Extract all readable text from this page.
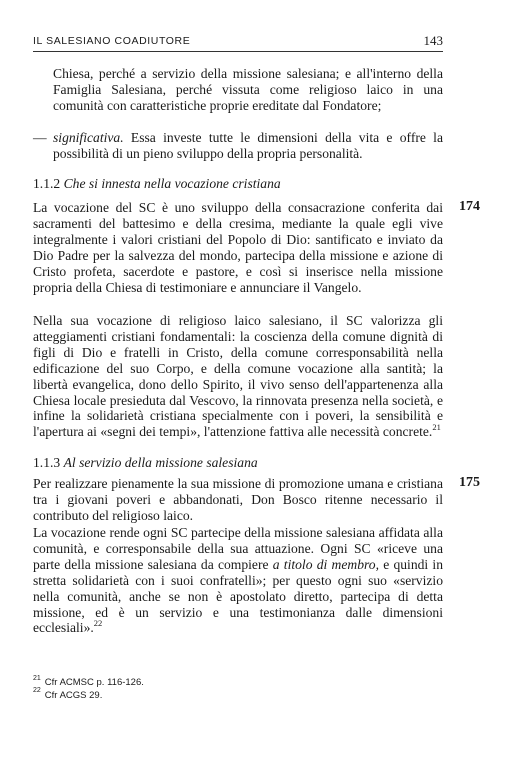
IL SALESIANO COADIUTORE	143

Chiesa, perché a servizio della missione salesiana; e all'interno della Famiglia Salesiana, perché vissuta come religioso laico in una comunità con caratteristiche proprie ereditate dal Fondatore;

— significativa. Essa investe tutte le dimensioni della vita e offre la possibilità di un pieno sviluppo della propria personalità.
1.1.2 Che si innesta nella vocazione cristiana
174

La vocazione del SC è uno sviluppo della consacrazione conferita dai sacramenti del battesimo e della cresima, mediante la quale egli vive integralmente i valori cristiani del Popolo di Dio: santificato e inviato da Dio Padre per la salvezza del mondo, partecipa della missione e azione di Cristo profeta, sacerdote e pastore, e così si inserisce nella missione propria della Chiesa di testimoniare e annunciare il Vangelo.

Nella sua vocazione di religioso laico salesiano, il SC valorizza gli atteggiamenti cristiani fondamentali: la coscienza della comune dignità di figli di Dio e fratelli in Cristo, della comune corresponsabilità nella edificazione del suo Corpo, e della comune vocazione alla santità; la libertà evangelica, dono dello Spirito, il vivo senso dell'appartenenza alla Chiesa locale presieduta dal Vescovo, la rinnovata presenza nella società, e infine la solidarietà cristiana specialmente con i poveri, la sensibilità e l'apertura ai «segni dei tempi», l'attenzione fattiva alle necessità concrete.$^{21}$

1.1.3 Al servizio della missione salesiana
175

Per realizzare pienamente la sua missione di promozione umana e cristiana tra i giovani poveri e abbandonati, Don Bosco ritenne necessario il contributo del religioso laico.

La vocazione rende ogni SC partecipe della missione salesiana affidata alla comunità, e corresponsabile della sua attuazione. Ogni SC «riceve una parte della missione salesiana da compiere a titolo di membro, e quindi in stretta solidarietà con i suoi confratelli»; per questo ogni suo «servizio nella comunità, anche se non è apostolato diretto, partecipa di detta missione, ed è un servizio e una testimonianza dalle dimensioni ecclesiali».$^{22}$

$^{21}$ Cfr ACMSC p. 116-126.
$^{22}$ Cfr ACGS 29.
